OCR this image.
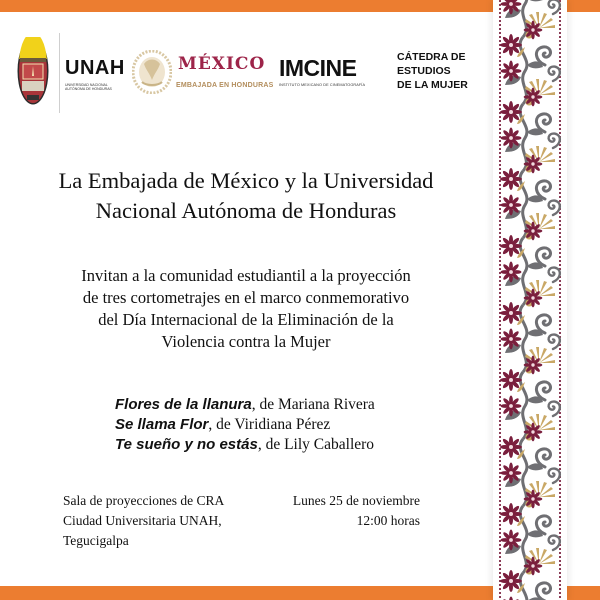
UNAH
UNIVERSIDAD NACIONAL
AUTÓNOMA DE HONDURAS
MÉXICO
EMBAJADA EN HONDURAS
IMCINE
INSTITUTO MEXICANO DE CINEMATOGRAFÍA
CÁTEDRA DE
ESTUDIOS
DE LA MUJER
La Embajada de México y la Universidad
Nacional Autónoma de Honduras
Invitan a la comunidad estudiantil a la proyección
de tres cortometrajes en el marco conmemorativo
del Día Internacional de la Eliminación de la
Violencia contra la Mujer
Flores de la llanura, de Mariana Rivera
Se llama Flor, de Viridiana Pérez
Te sueño y no estás, de Lily Caballero
Sala de proyecciones de CRA
Ciudad Universitaria UNAH,
Tegucigalpa
Lunes 25 de noviembre
12:00 horas
